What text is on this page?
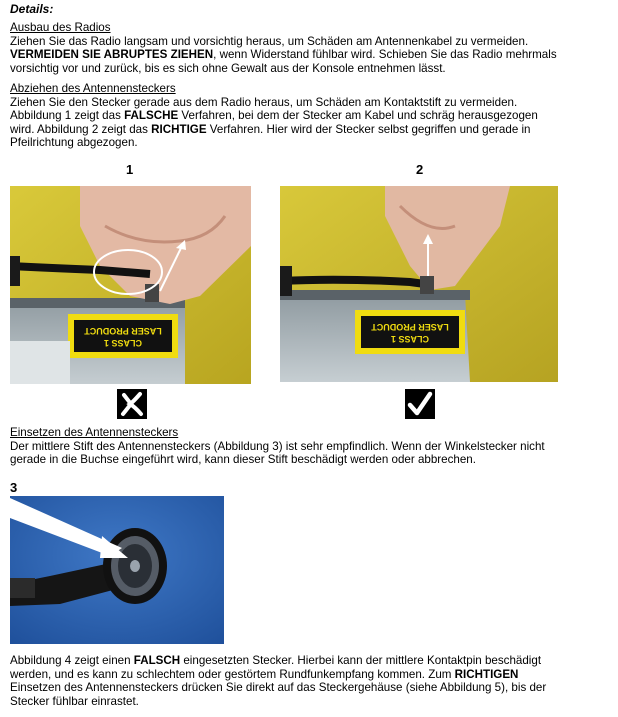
Details:
Ausbau des Radios
Ziehen Sie das Radio langsam und vorsichtig heraus, um Schäden am Antennenkabel zu vermeiden.
VERMEIDEN SIE ABRUPTES ZIEHEN, wenn Widerstand fühlbar wird. Schieben Sie das Radio mehrmals
vorsichtig vor und zurück, bis es sich ohne Gewalt aus der Konsole entnehmen lässt.
Abziehen des Antennensteckers
Ziehen Sie den Stecker gerade aus dem Radio heraus, um Schäden am Kontaktstift zu vermeiden.
Abbildung 1 zeigt das FALSCHE Verfahren, bei dem der Stecker am Kabel und schräg herausgezogen
wird. Abbildung 2 zeigt das RICHTIGE Verfahren. Hier wird der Stecker selbst gegriffen und gerade in
Pfeilrichtung abgezogen.
1	2
CLASS 1
LASER PRODUCT
CLASS 1
LASER PRODUCT
Einsetzen des Antennensteckers
Der mittlere Stift des Antennensteckers (Abbildung 3) ist sehr empfindlich. Wenn der Winkelstecker nicht
gerade in die Buchse eingeführt wird, kann dieser Stift beschädigt werden oder abbrechen.
3
Abbildung 4 zeigt einen FALSCH eingesetzten Stecker. Hierbei kann der mittlere Kontaktpin beschädigt
werden, und es kann zu schlechtem oder gestörtem Rundfunkempfang kommen. Zum RICHTIGEN
Einsetzen des Antennensteckers drücken Sie direkt auf das Steckergehäuse (siehe Abbildung 5), bis der
Stecker fühlbar einrastet.
